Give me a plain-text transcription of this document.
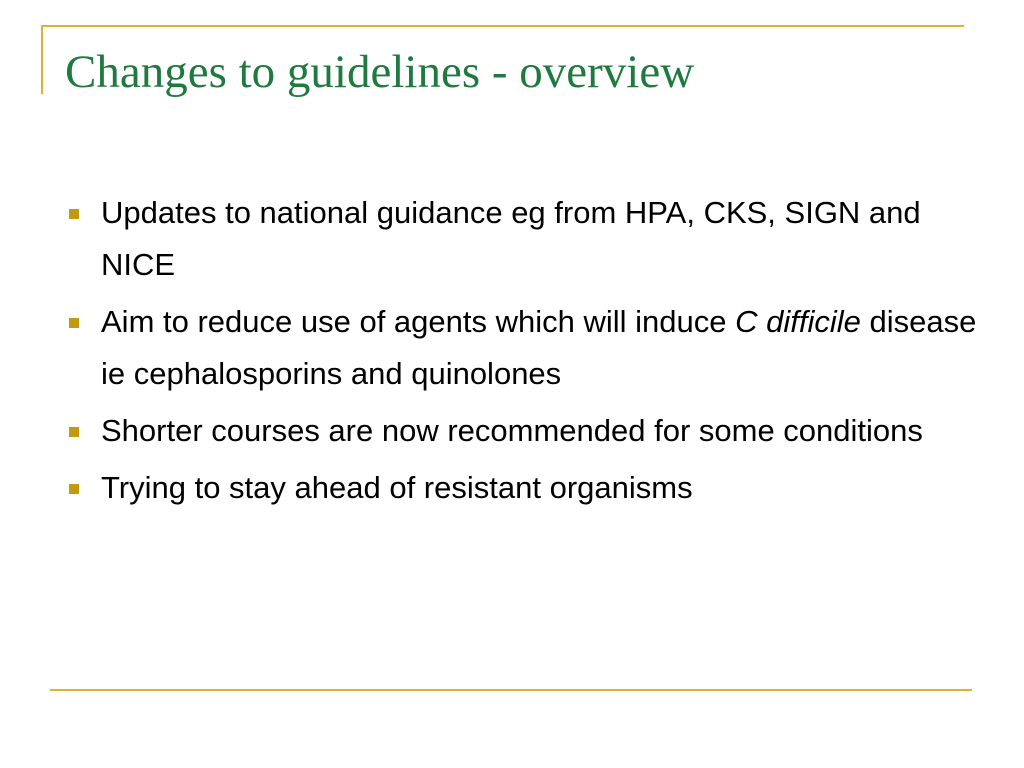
Changes to guidelines - overview
Updates to national guidance eg from HPA, CKS, SIGN and NICE
Aim to reduce use of agents which will induce C difficile disease ie cephalosporins and quinolones
Shorter courses are now recommended for some conditions
Trying to stay ahead of resistant organisms
